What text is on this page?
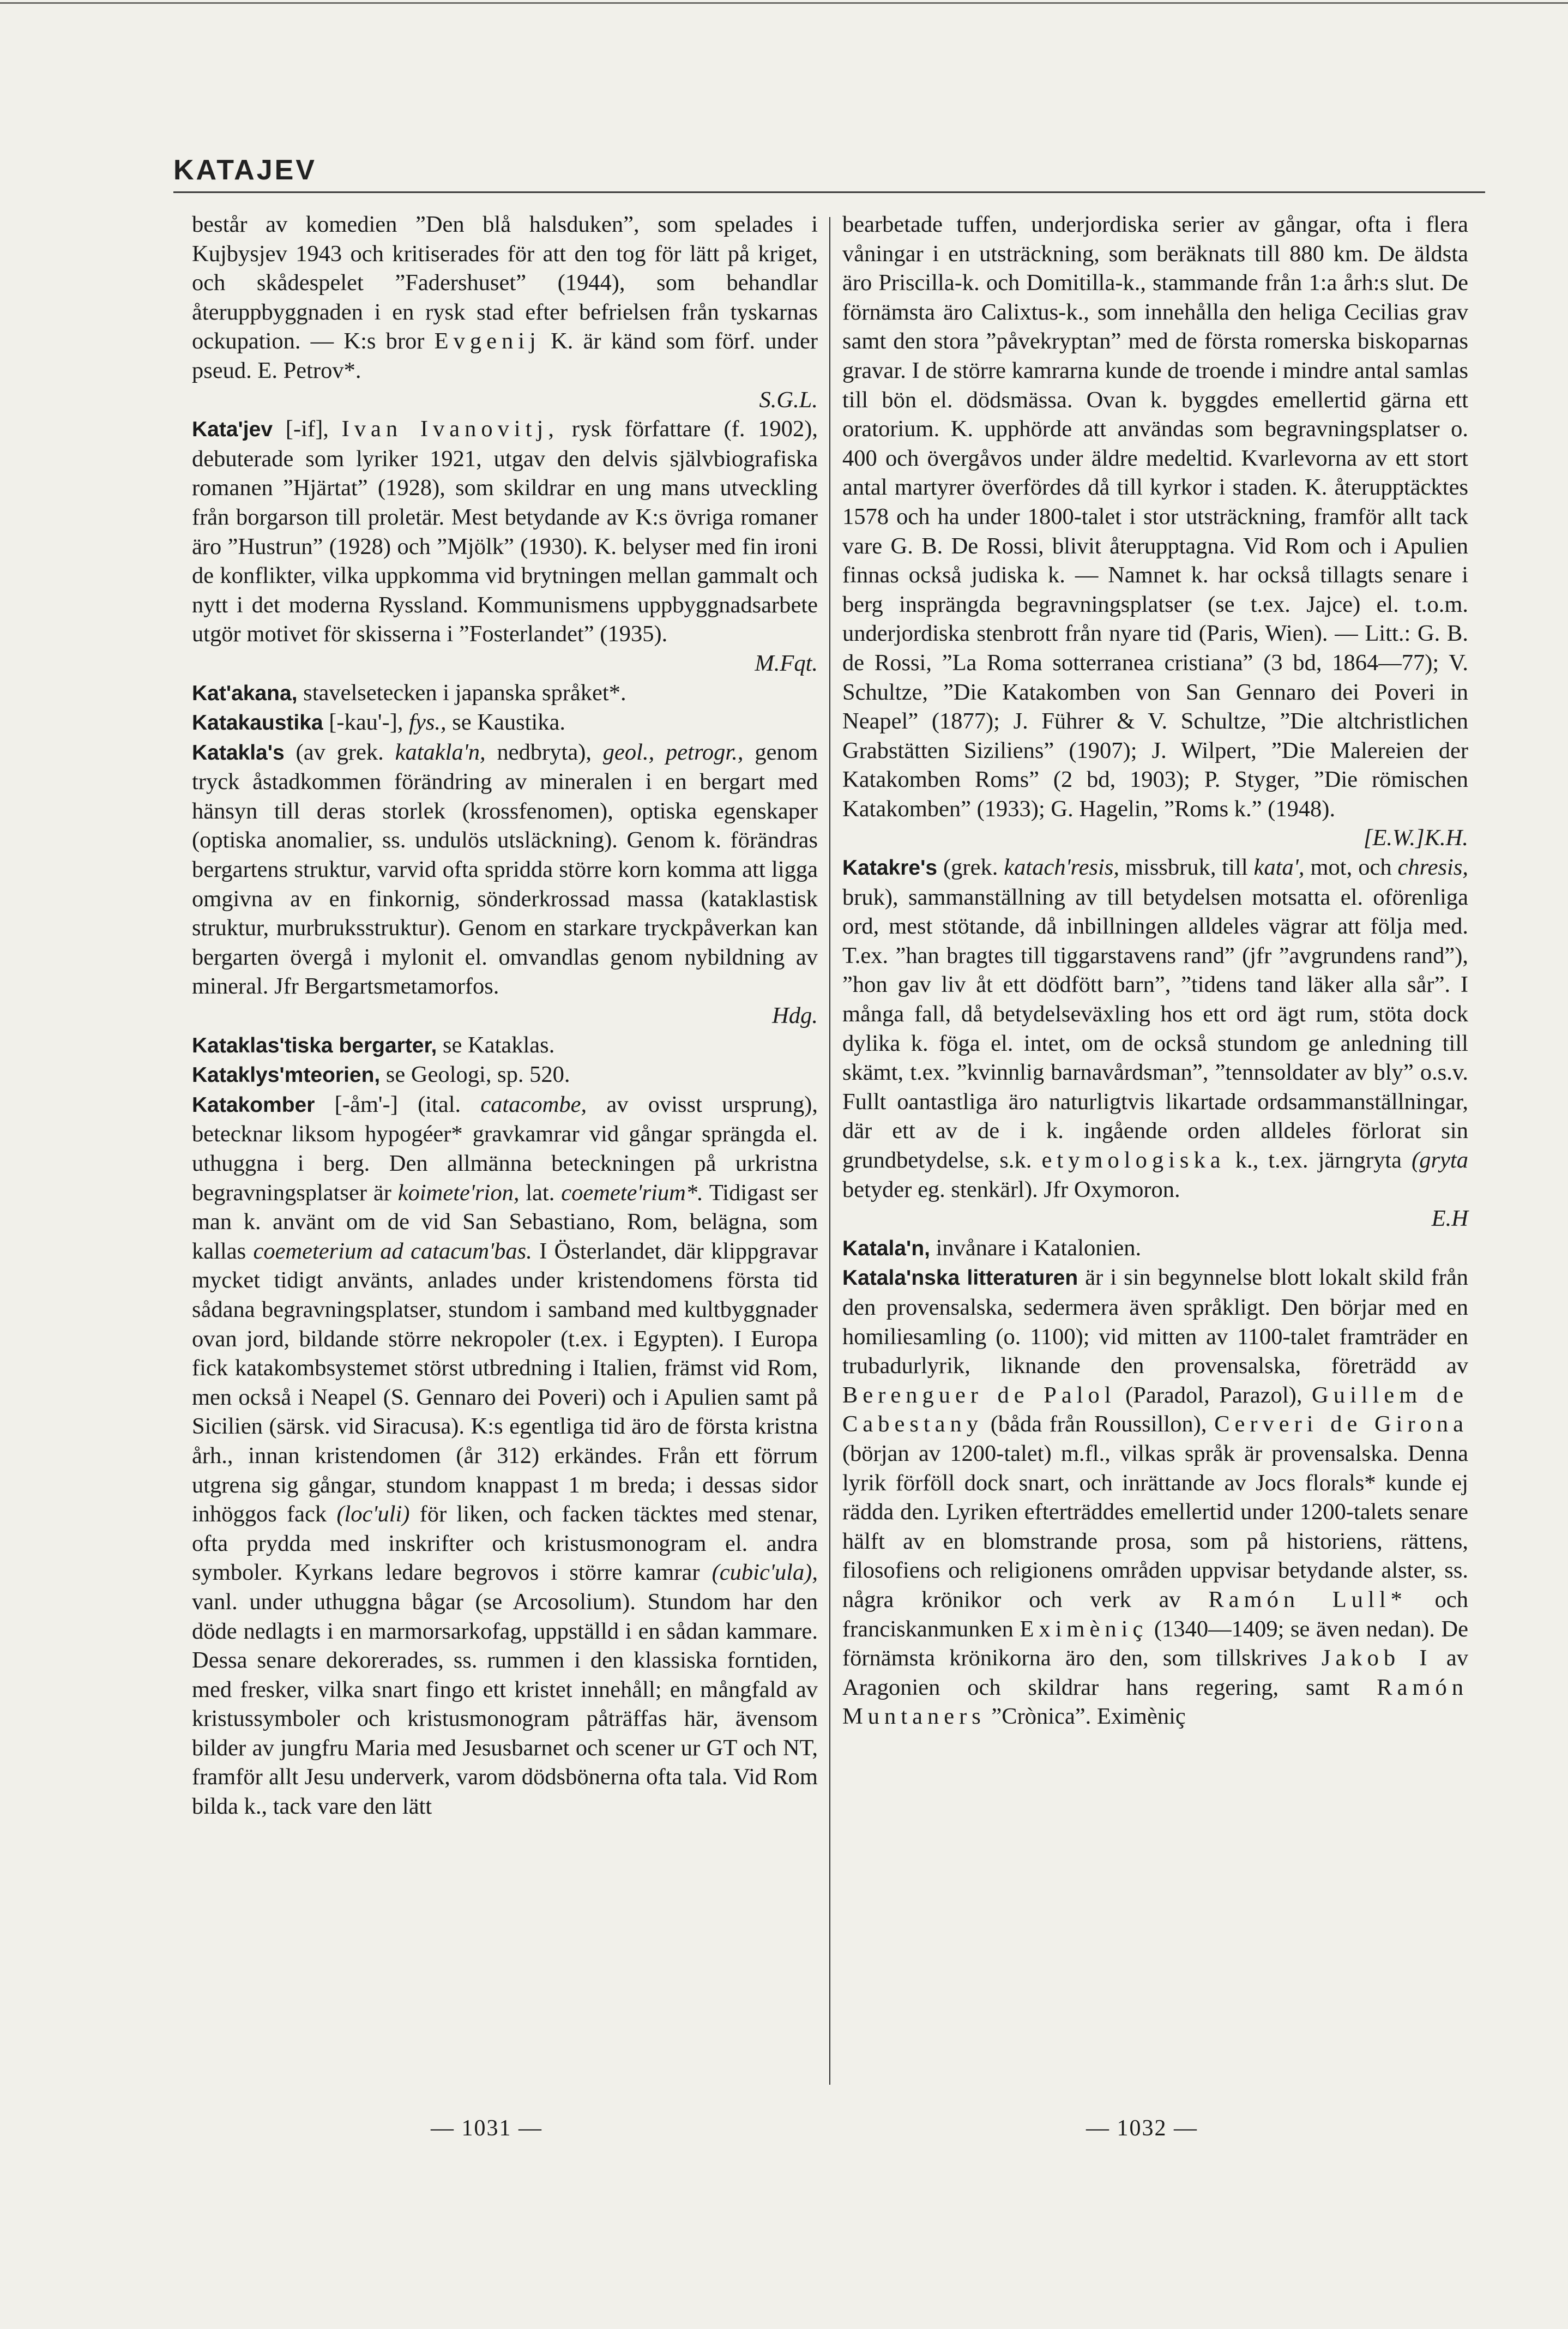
KATAJEV

består av komedien ”Den blå halsduken”, som spelades i Kujbysjev 1943 och kritiserades för att den tog för lätt på kriget, och skådespelet ”Fadershuset” (1944), som behandlar återuppbyggnaden i en rysk stad efter befrielsen från tyskarnas ockupation. — K:s bror Evgenij K. är känd som förf. under pseud. E. Petrov*.
S.G.L.

Kata'jev [-if], Ivan Ivanovitj, rysk författare (f. 1902), debuterade som lyriker 1921, utgav den delvis självbiografiska romanen ”Hjärtat” (1928), som skildrar en ung mans utveckling från borgarson till proletär. Mest betydande av K:s övriga romaner äro ”Hustrun” (1928) och ”Mjölk” (1930). K. belyser med fin ironi de konflikter, vilka uppkomma vid brytningen mellan gammalt och nytt i det moderna Ryssland. Kommunismens uppbyggnadsarbete utgör motivet för skisserna i ”Fosterlandet” (1935).
M.Fqt.

Kat'akana, stavelsetecken i japanska språket*.

Katakaustika [-kau'-], fys., se Kaustika.

Katakla's (av grek. katakla'n, nedbryta), geol., petrogr., genom tryck åstadkommen förändring av mineralen i en bergart med hänsyn till deras storlek (krossfenomen), optiska egenskaper (optiska anomalier, ss. undulös utsläckning). Genom k. förändras bergartens struktur, varvid ofta spridda större korn komma att ligga omgivna av en finkornig, sönderkrossad massa (kataklastisk struktur, murbruksstruktur). Genom en starkare tryckpåverkan kan bergarten övergå i mylonit el. omvandlas genom nybildning av mineral. Jfr Bergartsmetamorfos.
Hdg.

Kataklas'tiska bergarter, se Kataklas.

Kataklys'mteorien, se Geologi, sp. 520.

Katakomber [-åm'-] (ital. catacombe, av ovisst ursprung), betecknar liksom hypogéer* gravkamrar vid gångar sprängda el. uthuggna i berg. Den allmänna beteckningen på urkristna begravningsplatser är koimete'rion, lat. coemete'rium*. Tidigast ser man k. använt om de vid San Sebastiano, Rom, belägna, som kallas coemeterium ad catacum'bas. I Österlandet, där klippgravar mycket tidigt använts, anlades under kristendomens första tid sådana begravningsplatser, stundom i samband med kultbyggnader ovan jord, bildande större nekropoler (t.ex. i Egypten). I Europa fick katakombsystemet störst utbredning i Italien, främst vid Rom, men också i Neapel (S. Gennaro dei Poveri) och i Apulien samt på Sicilien (särsk. vid Siracusa). K:s egentliga tid äro de första kristna årh., innan kristendomen (år 312) erkändes. Från ett förrum utgrena sig gångar, stundom knappast 1 m breda; i dessas sidor inhöggos fack (loc'uli) för liken, och facken täcktes med stenar, ofta prydda med inskrifter och kristusmonogram el. andra symboler. Kyrkans ledare begrovos i större kamrar (cubic'ula), vanl. under uthuggna bågar (se Arcosolium). Stundom har den döde nedlagts i en marmorsarkofag, uppställd i en sådan kammare. Dessa senare dekorerades, ss. rummen i den klassiska forntiden, med fresker, vilka snart fingo ett kristet innehåll; en mångfald av kristussymboler och kristusmonogram påträffas här, ävensom bilder av jungfru Maria med Jesusbarnet och scener ur GT och NT, framför allt Jesu underverk, varom dödsbönerna ofta tala. Vid Rom bilda k., tack vare den lätt

bearbetade tuffen, underjordiska serier av gångar, ofta i flera våningar i en utsträckning, som beräknats till 880 km. De äldsta äro Priscilla-k. och Domitilla-k., stammande från 1:a årh:s slut. De förnämsta äro Calixtus-k., som innehålla den heliga Cecilias grav samt den stora ”påvekryptan” med de första romerska biskoparnas gravar. I de större kamrarna kunde de troende i mindre antal samlas till bön el. dödsmässa. Ovan k. byggdes emellertid gärna ett oratorium. K. upphörde att användas som begravningsplatser o. 400 och övergåvos under äldre medeltid. Kvarlevorna av ett stort antal martyrer överfördes då till kyrkor i staden. K. återupptäcktes 1578 och ha under 1800-talet i stor utsträckning, framför allt tack vare G. B. De Rossi, blivit återupptagna. Vid Rom och i Apulien finnas också judiska k. — Namnet k. har också tillagts senare i berg insprängda begravningsplatser (se t.ex. Jajce) el. t.o.m. underjordiska stenbrott från nyare tid (Paris, Wien). — Litt.: G. B. de Rossi, ”La Roma sotterranea cristiana” (3 bd, 1864—77); V. Schultze, ”Die Katakomben von San Gennaro dei Poveri in Neapel” (1877); J. Führer & V. Schultze, ”Die altchristlichen Grabstätten Siziliens” (1907); J. Wilpert, ”Die Malereien der Katakomben Roms” (2 bd, 1903); P. Styger, ”Die römischen Katakomben” (1933); G. Hagelin, ”Roms k.” (1948).
[E.W.]K.H.

Katakre's (grek. katach'resis, missbruk, till kata', mot, och chresis, bruk), sammanställning av till betydelsen motsatta el. oförenliga ord, mest stötande, då inbillningen alldeles vägrar att följa med. T.ex. ”han bragtes till tiggarstavens rand” (jfr ”avgrundens rand”), ”hon gav liv åt ett dödfött barn”, ”tidens tand läker alla sår”. I många fall, då betydelseväxling hos ett ord ägt rum, stöta dock dylika k. föga el. intet, om de också stundom ge anledning till skämt, t.ex. ”kvinnlig barnavårdsman”, ”tennsoldater av bly” o.s.v. Fullt oantastliga äro naturligtvis likartade ordsammanställningar, där ett av de i k. ingående orden alldeles förlorat sin grundbetydelse, s.k. etymologiska k., t.ex. järngryta (gryta betyder eg. stenkärl). Jfr Oxymoron.
E.H

Katala'n, invånare i Katalonien.

Katala'nska litteraturen är i sin begynnelse blott lokalt skild från den provensalska, sedermera även språkligt. Den börjar med en homiliesamling (o. 1100); vid mitten av 1100-talet framträder en trubadurlyrik, liknande den provensalska, företrädd av Berenguer de Palol (Paradol, Parazol), Guillem de Cabestany (båda från Roussillon), Cerveri de Girona (början av 1200-talet) m.fl., vilkas språk är provensalska. Denna lyrik förföll dock snart, och inrättande av Jocs florals* kunde ej rädda den. Lyriken efterträddes emellertid under 1200-talets senare hälft av en blomstrande prosa, som på historiens, rättens, filosofiens och religionens områden uppvisar betydande alster, ss. några krönikor och verk av Ramón Lull* och franciskanmunken Eximèniç (1340—1409; se även nedan). De förnämsta krönikorna äro den, som tillskrives Jakob I av Aragonien och skildrar hans regering, samt Ramón Muntaners ”Crònica”. Eximèniç

— 1031 —	— 1032 —
